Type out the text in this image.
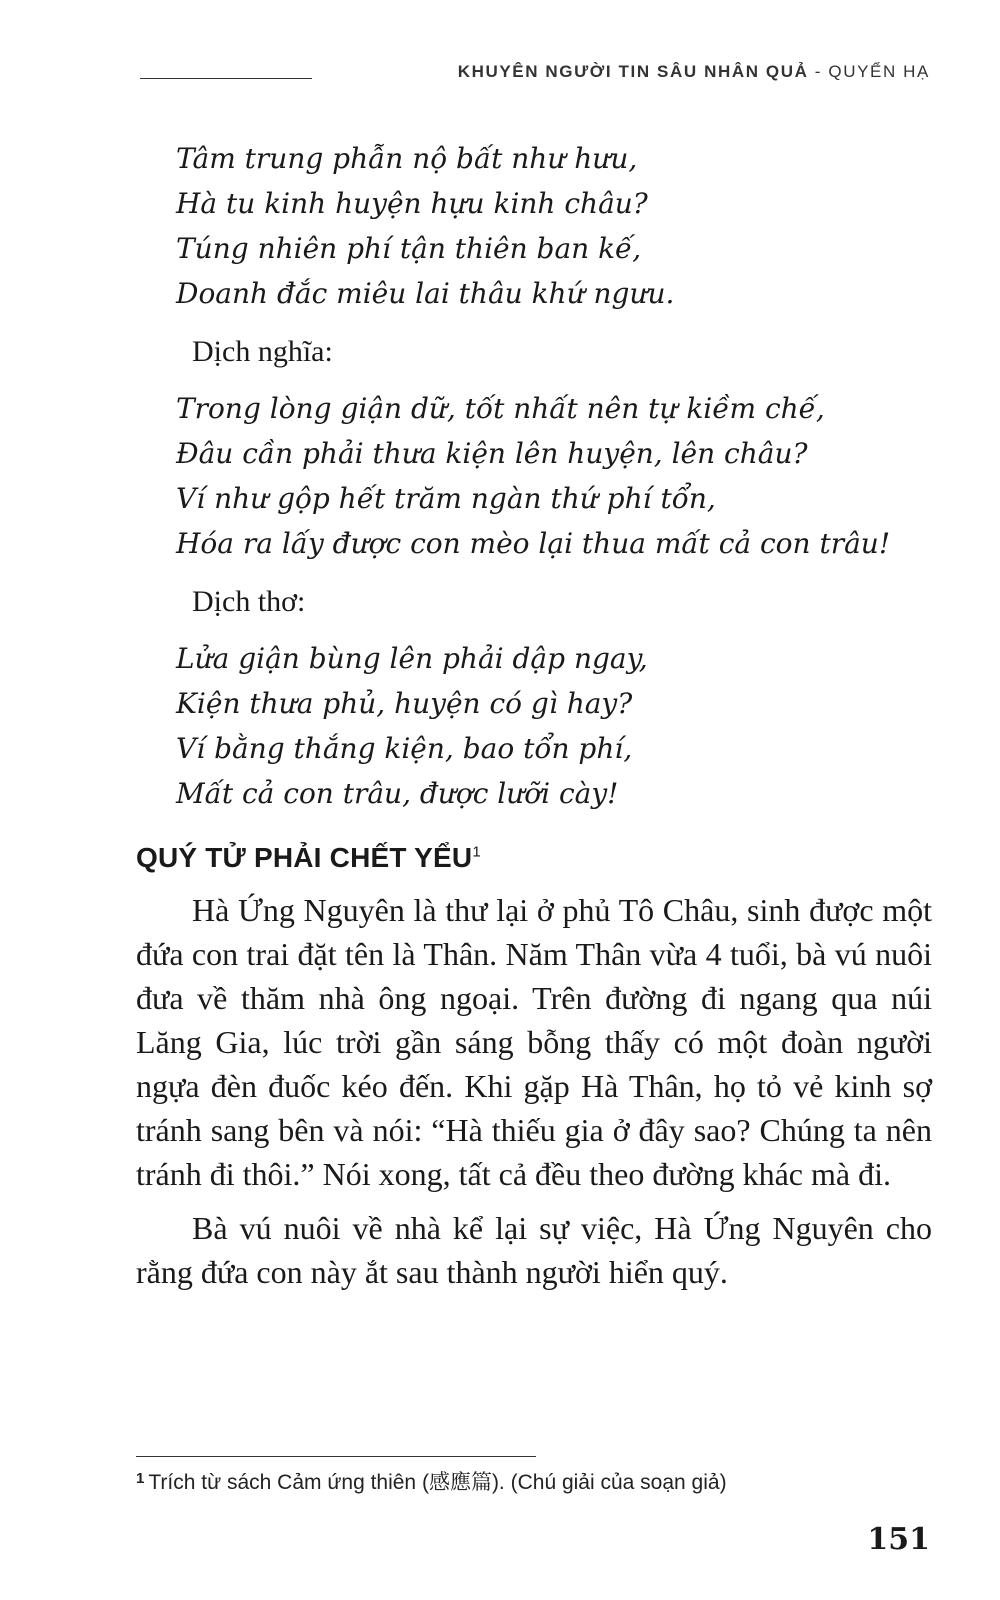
KHUYÊN NGƯỜI TIN SÂU NHÂN QUẢ - QUYỂN HẠ
Tâm trung phẫn nộ bất như hưu,
Hà tu kinh huyện hựu kinh châu?
Túng nhiên phí tận thiên ban kế,
Doanh đắc miêu lai thâu khứ ngưu.
Dịch nghĩa:
Trong lòng giận dữ, tốt nhất nên tự kiềm chế,
Đâu cần phải thưa kiện lên huyện, lên châu?
Ví như gộp hết trăm ngàn thứ phí tổn,
Hóa ra lấy được con mèo lại thua mất cả con trâu!
Dịch thơ:
Lửa giận bùng lên phải dập ngay,
Kiện thưa phủ, huyện có gì hay?
Ví bằng thắng kiện, bao tổn phí,
Mất cả con trâu, được lưỡi cày!
QUÝ TỬ PHẢI CHẾT YỂU$^1$

Hà Ứng Nguyên là thư lại ở phủ Tô Châu, sinh được một đứa con trai đặt tên là Thân. Năm Thân vừa 4 tuổi, bà vú nuôi đưa về thăm nhà ông ngoại. Trên đường đi ngang qua núi Lăng Gia, lúc trời gần sáng bỗng thấy có một đoàn người ngựa đèn đuốc kéo đến. Khi gặp Hà Thân, họ tỏ vẻ kinh sợ tránh sang bên và nói: “Hà thiếu gia ở đây sao? Chúng ta nên tránh đi thôi.” Nói xong, tất cả đều theo đường khác mà đi.

Bà vú nuôi về nhà kể lại sự việc, Hà Ứng Nguyên cho rằng đứa con này ắt sau thành người hiển quý.

$^1$ Trích từ sách Cảm ứng thiên (感應篇). (Chú giải của soạn giả)
151
